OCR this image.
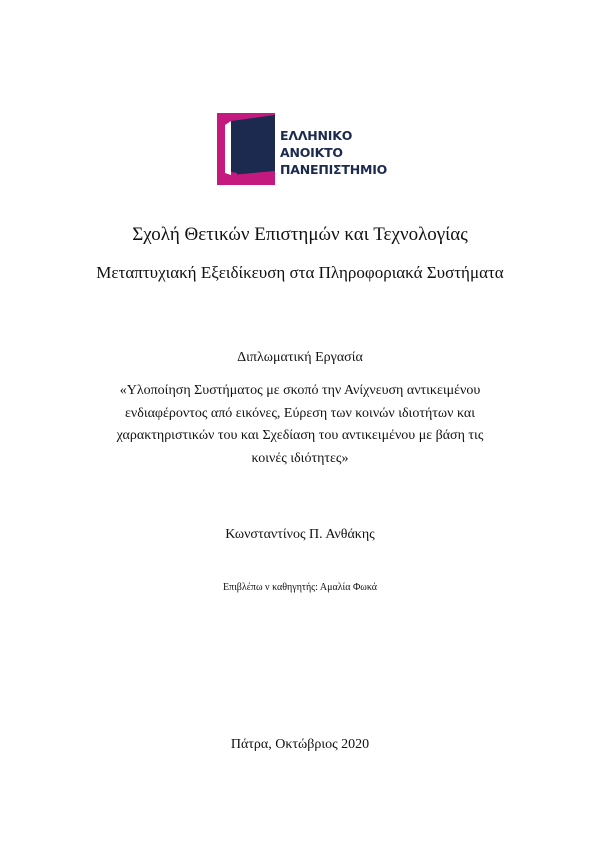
ΕΛΛΗΝΙΚΟ
ΑΝΟΙΚΤΟ
ΠΑΝΕΠΙΣΤΗΜΙΟ
Σχολή Θετικών Επιστημών και Τεχνολογίας
Μεταπτυχιακή Εξειδίκευση στα Πληροφοριακά Συστήματα
Διπλωματική Εργασία
«Υλοποίηση Συστήματος με σκοπό την Ανίχνευση αντικειμένου
ενδιαφέροντος από εικόνες, Εύρεση των κοινών ιδιοτήτων και
χαρακτηριστικών του και Σχεδίαση του αντικειμένου με βάση τις
κοινές ιδιότητες»
Κωνσταντίνος Π. Ανθάκης
Επιβλέπω ν καθηγητής: Αμαλία Φωκά
Πάτρα, Οκτώβριος 2020
